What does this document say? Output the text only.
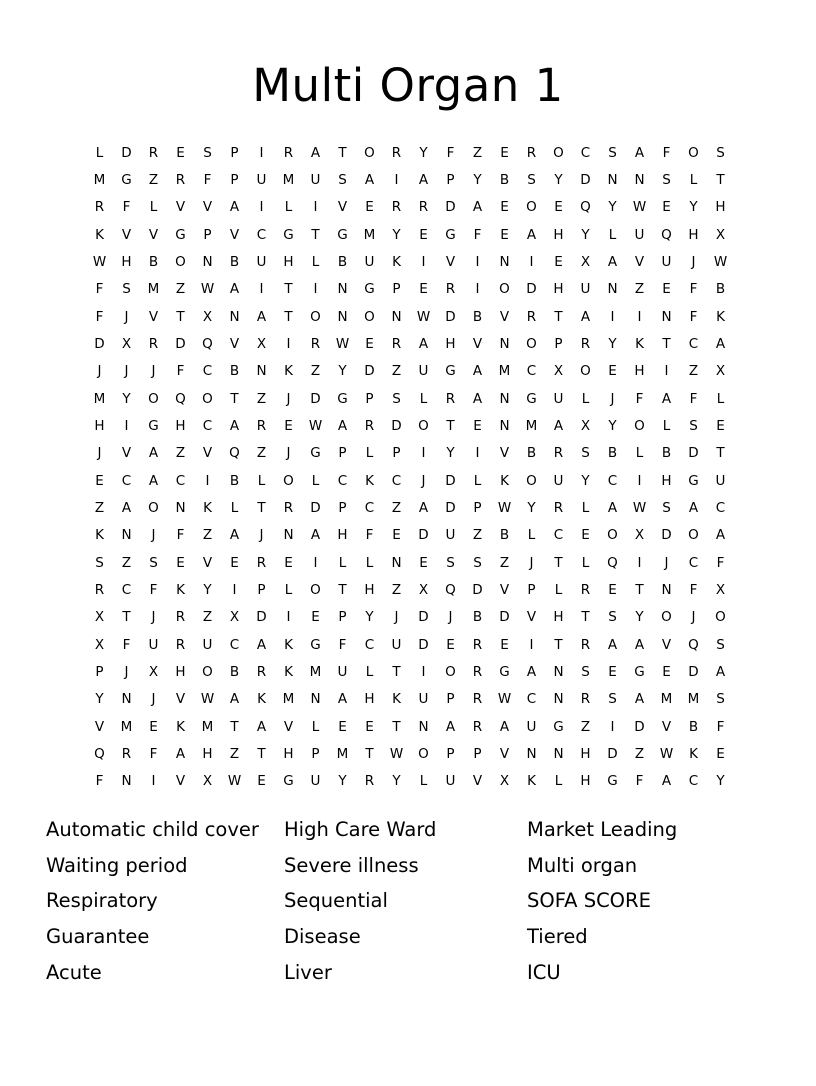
Multi Organ 1
L	D	R	E	S	P	I	R	A	T	O	R	Y	F	Z	E	R	O	C	S	A	F	O	S
M	G	Z	R	F	P	U	M	U	S	A	I	A	P	Y	B	S	Y	D	N	N	S	L	T
R	F	L	V	V	A	I	L	I	V	E	R	R	D	A	E	O	E	Q	Y	W	E	Y	H
K	V	V	G	P	V	C	G	T	G	M	Y	E	G	F	E	A	H	Y	L	U	Q	H	X
W	H	B	O	N	B	U	H	L	B	U	K	I	V	I	N	I	E	X	A	V	U	J	W
F	S	M	Z	W	A	I	T	I	N	G	P	E	R	I	O	D	H	U	N	Z	E	F	B
F	J	V	T	X	N	A	T	O	N	O	N	W	D	B	V	R	T	A	I	I	N	F	K
D	X	R	D	Q	V	X	I	R	W	E	R	A	H	V	N	O	P	R	Y	K	T	C	A
J	J	J	F	C	B	N	K	Z	Y	D	Z	U	G	A	M	C	X	O	E	H	I	Z	X
M	Y	O	Q	O	T	Z	J	D	G	P	S	L	R	A	N	G	U	L	J	F	A	F	L
H	I	G	H	C	A	R	E	W	A	R	D	O	T	E	N	M	A	X	Y	O	L	S	E
J	V	A	Z	V	Q	Z	J	G	P	L	P	I	Y	I	V	B	R	S	B	L	B	D	T
E	C	A	C	I	B	L	O	L	C	K	C	J	D	L	K	O	U	Y	C	I	H	G	U
Z	A	O	N	K	L	T	R	D	P	C	Z	A	D	P	W	Y	R	L	A	W	S	A	C
K	N	J	F	Z	A	J	N	A	H	F	E	D	U	Z	B	L	C	E	O	X	D	O	A
S	Z	S	E	V	E	R	E	I	L	L	N	E	S	S	Z	J	T	L	Q	I	J	C	F
R	C	F	K	Y	I	P	L	O	T	H	Z	X	Q	D	V	P	L	R	E	T	N	F	X
X	T	J	R	Z	X	D	I	E	P	Y	J	D	J	B	D	V	H	T	S	Y	O	J	O
X	F	U	R	U	C	A	K	G	F	C	U	D	E	R	E	I	T	R	A	A	V	Q	S
P	J	X	H	O	B	R	K	M	U	L	T	I	O	R	G	A	N	S	E	G	E	D	A
Y	N	J	V	W	A	K	M	N	A	H	K	U	P	R	W	C	N	R	S	A	M	M	S
V	M	E	K	M	T	A	V	L	E	E	T	N	A	R	A	U	G	Z	I	D	V	B	F
Q	R	F	A	H	Z	T	H	P	M	T	W	O	P	P	V	N	N	H	D	Z	W	K	E
F	N	I	V	X	W	E	G	U	Y	R	Y	L	U	V	X	K	L	H	G	F	A	C	Y
Automatic child cover
Waiting period
Respiratory
Guarantee
Acute
High Care Ward
Severe illness
Sequential
Disease
Liver
Market Leading
Multi organ
SOFA SCORE
Tiered
ICU
